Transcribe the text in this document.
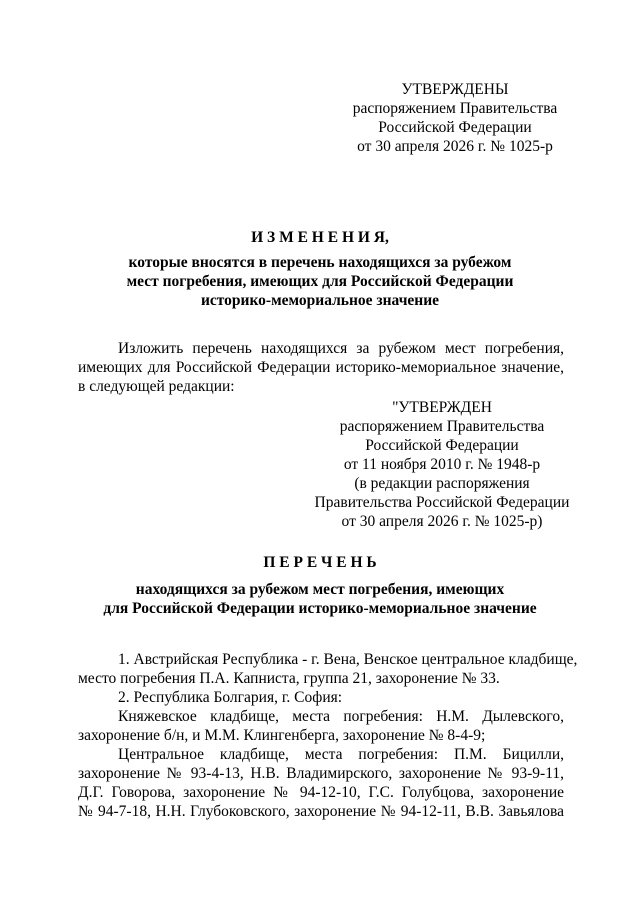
УТВЕРЖДЕНЫ
распоряжением Правительства
Российской Федерации
от 30 апреля 2026 г. № 1025-р
И З М Е Н Е Н И Я,
которые вносятся в перечень находящихся за рубежом
мест погребения, имеющих для Российской Федерации
историко-мемориальное значение
Изложить перечень находящихся за рубежом мест погребения,
имеющих для Российской Федерации историко-мемориальное значение,
в следующей редакции:
"УТВЕРЖДЕН
распоряжением Правительства
Российской Федерации
от 11 ноября 2010 г. № 1948-р
(в редакции распоряжения
Правительства Российской Федерации
от 30 апреля 2026 г. № 1025-р)
П Е Р Е Ч Е Н Ь
находящихся за рубежом мест погребения, имеющих
для Российской Федерации историко-мемориальное значение
1. Австрийская Республика - г. Вена, Венское центральное кладбище,
место погребения П.А. Капниста, группа 21, захоронение № 33.
2. Республика Болгария, г. София:
Княжевское кладбище, места погребения: Н.М. Дылевского,
захоронение б/н, и М.М. Клингенберга, захоронение № 8-4-9;
Центральное кладбище, места погребения: П.М. Бицилли,
захоронение № 93-4-13, Н.В. Владимирского, захоронение № 93-9-11,
Д.Г. Говорова, захоронение № 94-12-10, Г.С. Голубцова, захоронение
№ 94-7-18, Н.Н. Глубоковского, захоронение № 94-12-11, В.В. Завьялова
